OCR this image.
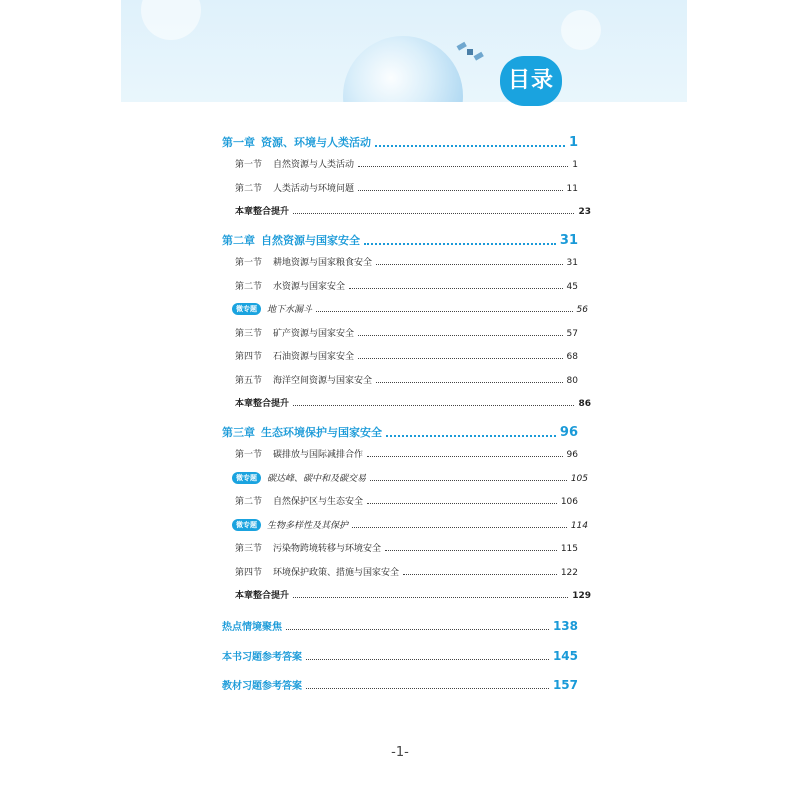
目录
第一章 资源、环境与人类活动	1
第一节	自然资源与人类活动	1
第二节	人类活动与环境问题	11
本章整合提升	23
第二章 自然资源与国家安全	31
第一节	耕地资源与国家粮食安全	31
第二节	水资源与国家安全	45
微专题	地下水漏斗	56
第三节	矿产资源与国家安全	57
第四节	石油资源与国家安全	68
第五节	海洋空间资源与国家安全	80
本章整合提升	86
第三章 生态环境保护与国家安全	96
第一节	碳排放与国际减排合作	96
微专题	碳达峰、碳中和及碳交易	105
第二节	自然保护区与生态安全	106
微专题	生物多样性及其保护	114
第三节	污染物跨境转移与环境安全	115
第四节	环境保护政策、措施与国家安全	122
本章整合提升	129
热点情境聚焦	138
本书习题参考答案	145
教材习题参考答案	157
-1-
